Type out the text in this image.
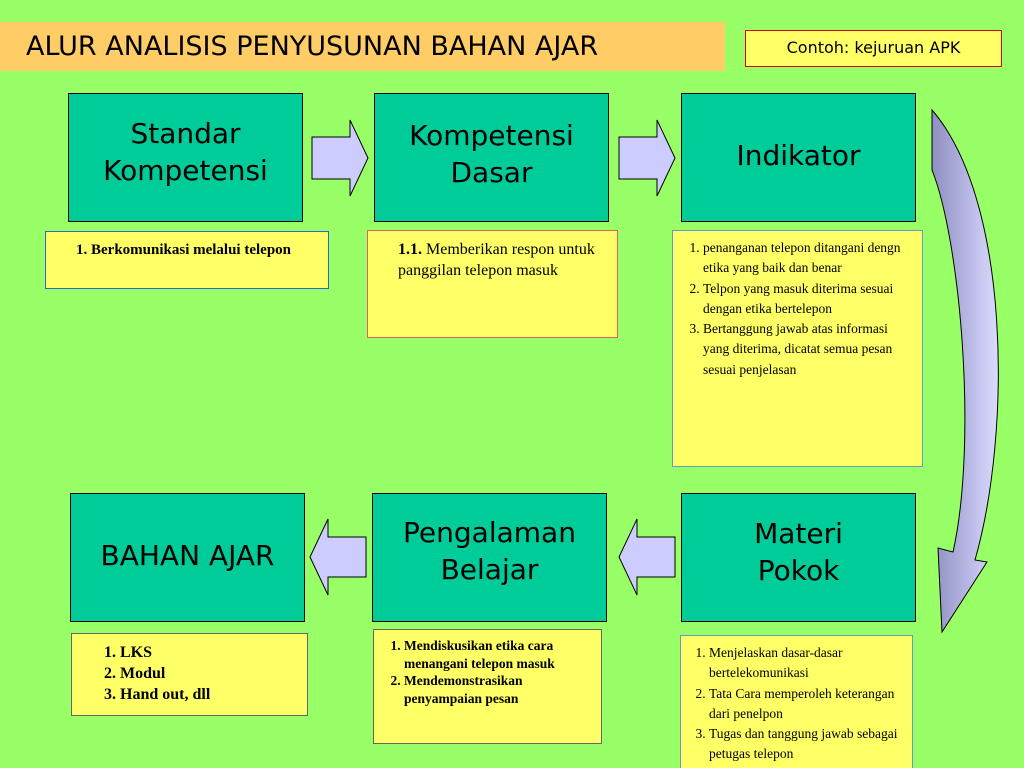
ALUR ANALISIS PENYUSUNAN BAHAN AJAR	Contoh: kejuruan APK
Standar
Kompetensi
Kompetensi
Dasar	Indikator
BAHAN AJAR
Pengalaman
Belajar
Materi
Pokok
1. Berkomunikasi melalui telepon	1.1. Memberikan respon untuk panggilan telepon masuk
1. penanganan telepon ditangani dengn etika yang baik dan benar
2. Telpon yang masuk diterima sesuai dengan etika bertelepon
3. Bertanggung jawab atas informasi yang diterima, dicatat semua pesan sesuai penjelasan
1. LKS
2. Modul
3. Hand out, dll
1. Mendiskusikan etika cara menangani telepon masuk
2. Mendemonstrasikan penyampaian pesan
1. Menjelaskan dasar-dasar bertelekomunikasi
2. Tata Cara memperoleh keterangan dari penelpon
3. Tugas dan tanggung jawab sebagai petugas telepon
